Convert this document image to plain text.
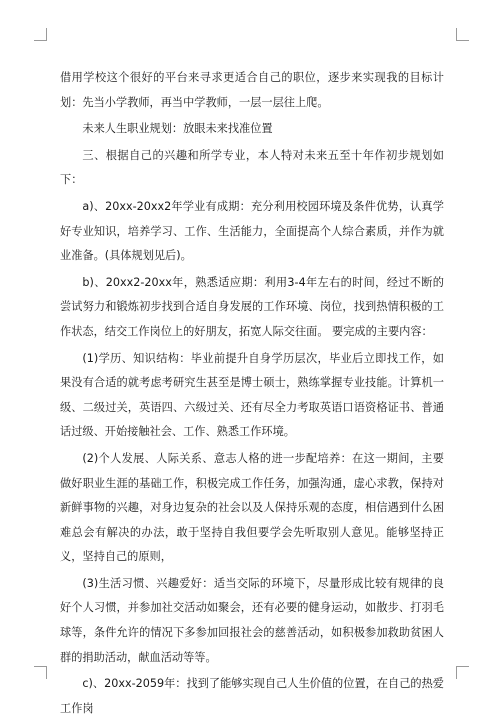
借用学校这个很好的平台来寻求更适合自己的职位，逐步来实现我的目标计划：先当小学教师，再当中学教师，一层一层往上爬。

未来人生职业规划：放眼未来找准位置

三、根据自己的兴趣和所学专业，本人特对未来五至十年作初步规划如下：

a)、20xx-20xx2年学业有成期：充分利用校园环境及条件优势，认真学好专业知识，培养学习、工作、生活能力，全面提高个人综合素质，并作为就业准备。(具体规划见后)。

b)、20xx2-20xx年，熟悉适应期：利用3-4年左右的时间，经过不断的尝试努力和锻炼初步找到合适自身发展的工作环境、岗位，找到热情积极的工作状态，结交工作岗位上的好朋友，拓宽人际交往面。 要完成的主要内容：

(1)学历、知识结构：毕业前提升自身学历层次，毕业后立即找工作，如果没有合适的就考虑考研究生甚至是博士硕士，熟练掌握专业技能。计算机一级、二级过关，英语四、六级过关、还有尽全力考取英语口语资格证书、普通话过级、开始接触社会、工作、熟悉工作环境。

(2)个人发展、人际关系、意志人格的进一步配培养：在这一期间，主要做好职业生涯的基础工作，积极完成工作任务，加强沟通，虚心求教，保持对新鲜事物的兴趣，对身边复杂的社会以及人保持乐观的态度，相信遇到什么困难总会有解决的办法，敢于坚持自我但要学会先听取别人意见。能够坚持正义，坚持自己的原则，

(3)生活习惯、兴趣爱好：适当交际的环境下，尽量形成比较有规律的良好个人习惯，并参加社交活动如聚会，还有必要的健身运动，如散步、打羽毛球等，条件允许的情况下多参加回报社会的慈善活动，如积极参加救助贫困人群的捐助活动，献血活动等等。

c)、20xx-2059年：找到了能够实现自己人生价值的位置，在自己的热爱工作岗
